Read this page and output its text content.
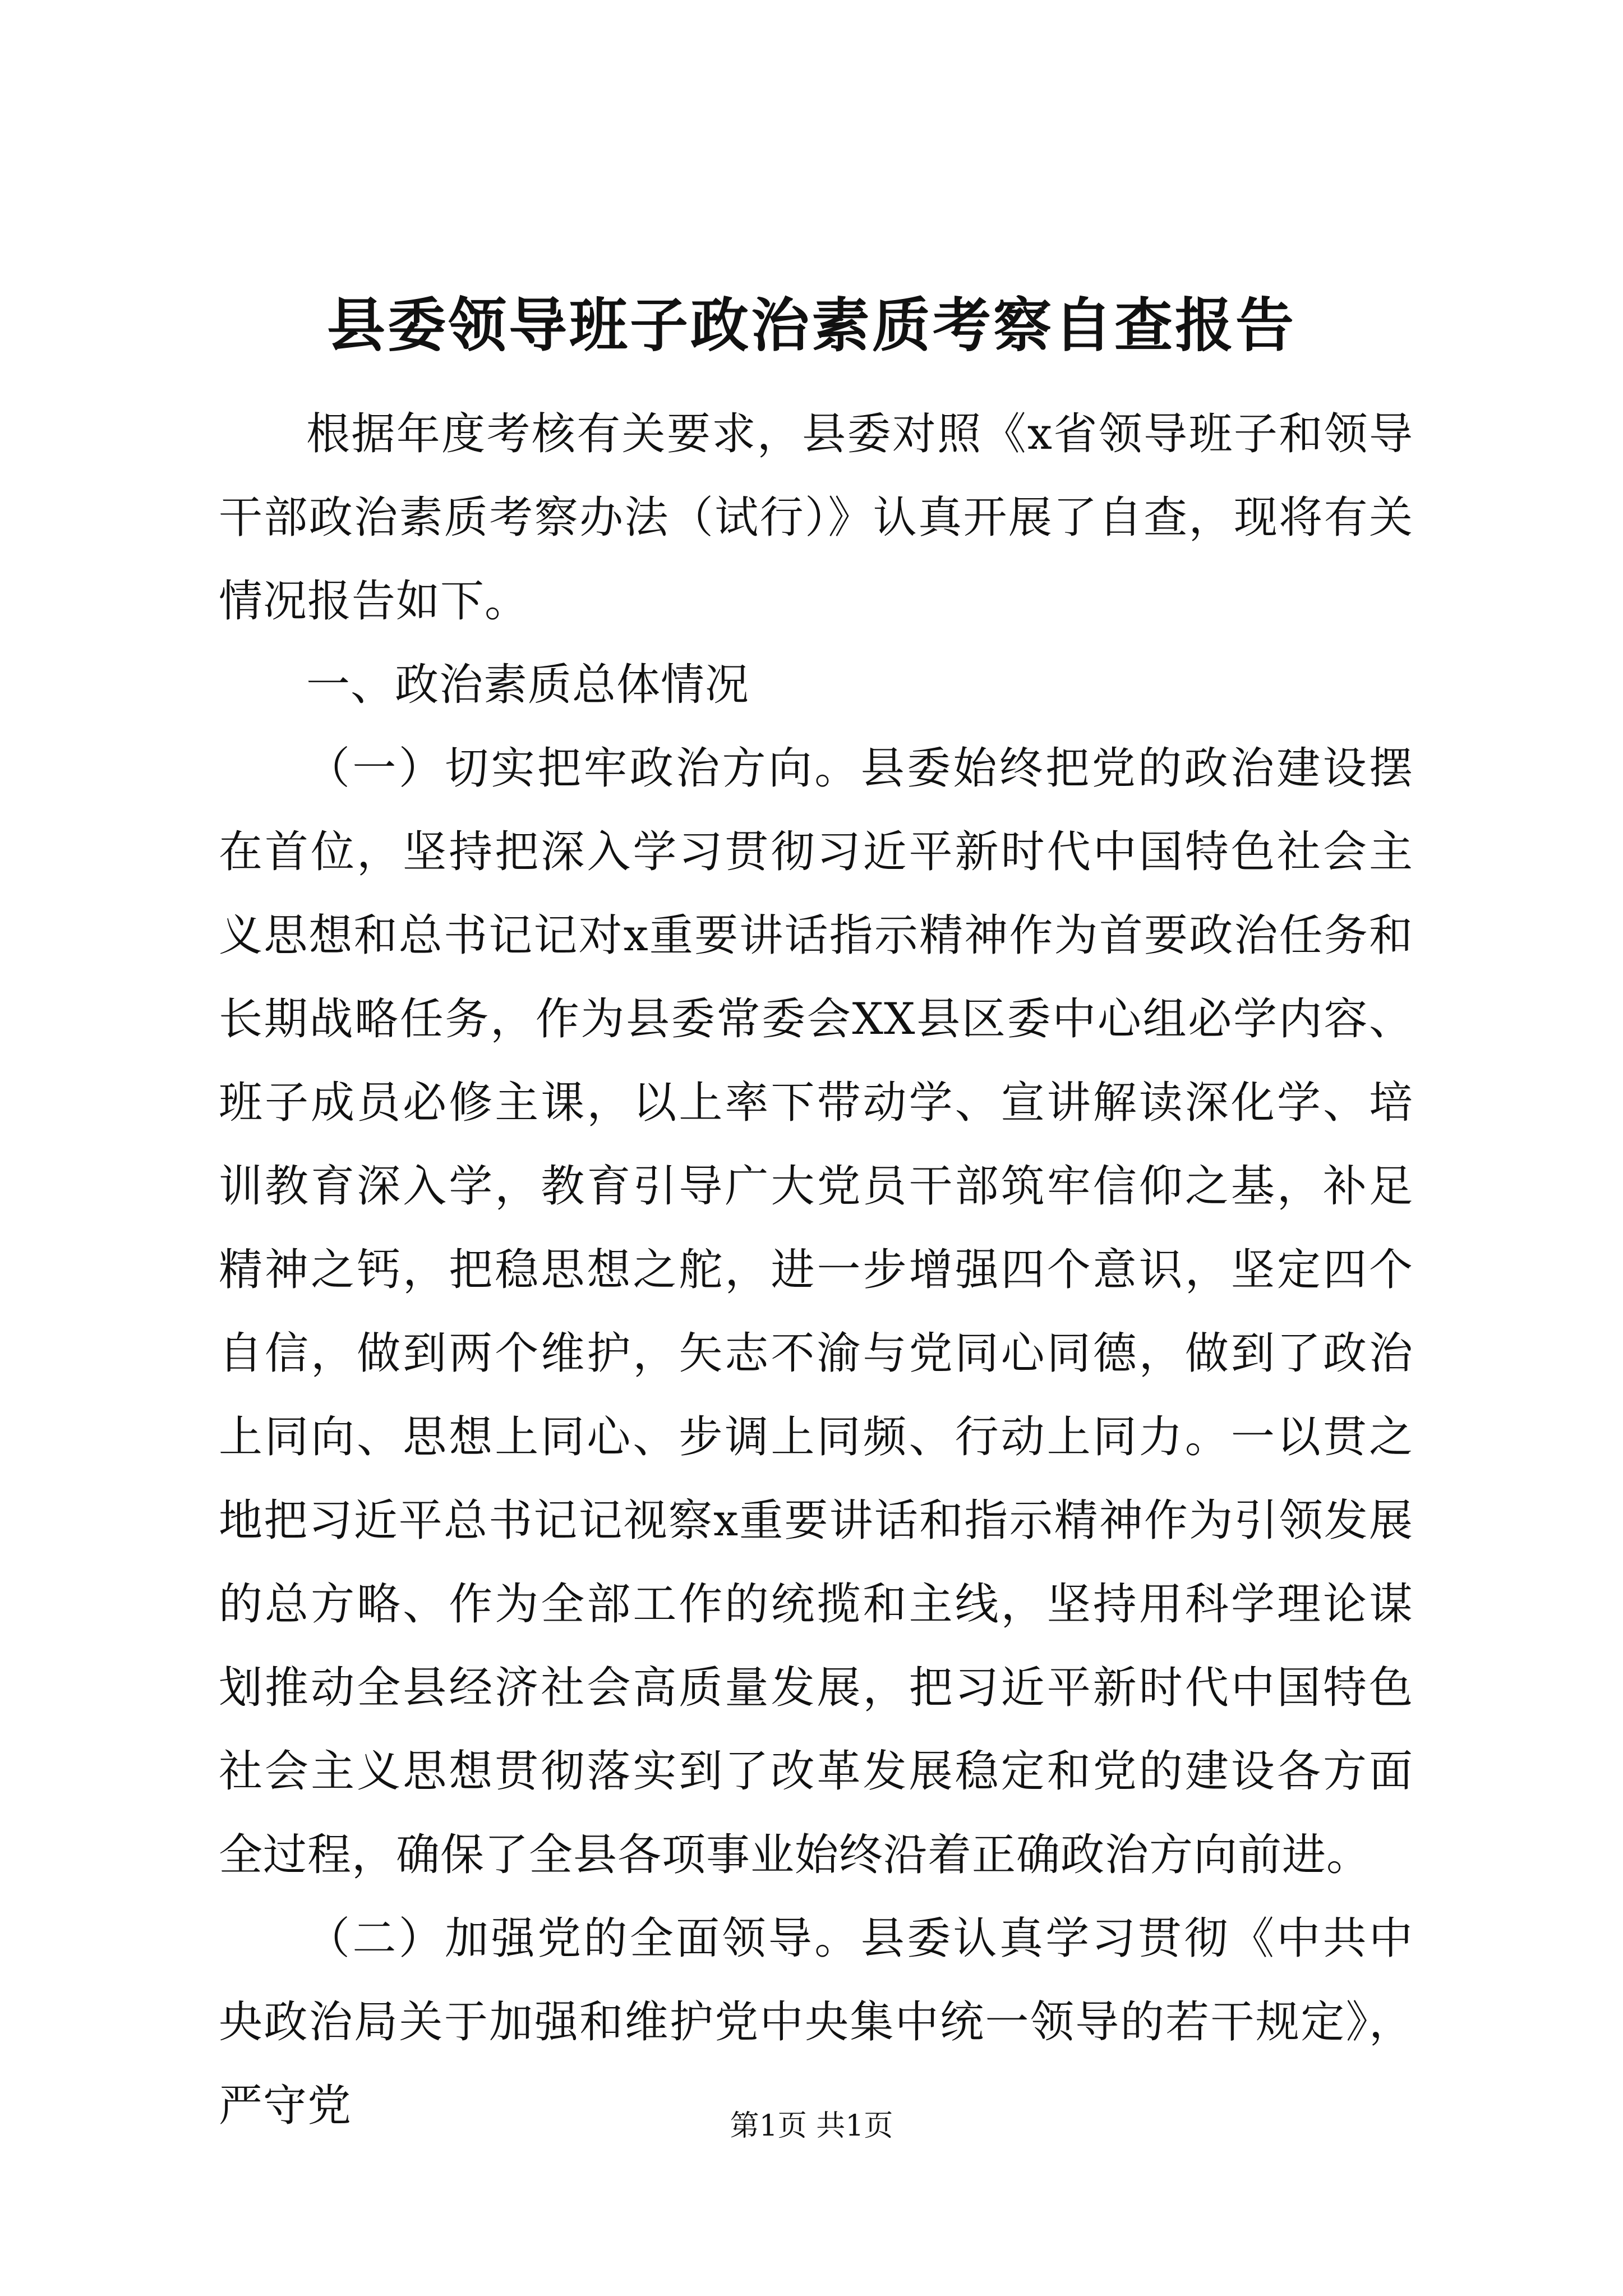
县委领导班子政治素质考察自查报告

根据年度考核有关要求，县委对照《x省领导班子和领导干部政治素质考察办法（试行）》认真开展了自查，现将有关情况报告如下。

一、政治素质总体情况

（一）切实把牢政治方向。县委始终把党的政治建设摆在首位，坚持把深入学习贯彻习近平新时代中国特色社会主义思想和总书记记对x重要讲话指示精神作为首要政治任务和长期战略任务，作为县委常委会XX县区委中心组必学内容、班子成员必修主课，以上率下带动学、宣讲解读深化学、培训教育深入学，教育引导广大党员干部筑牢信仰之基，补足精神之钙，把稳思想之舵，进一步增强四个意识，坚定四个自信，做到两个维护，矢志不渝与党同心同德，做到了政治上同向、思想上同心、步调上同频、行动上同力。一以贯之地把习近平总书记记视察x重要讲话和指示精神作为引领发展的总方略、作为全部工作的统揽和主线，坚持用科学理论谋划推动全县经济社会高质量发展，把习近平新时代中国特色社会主义思想贯彻落实到了改革发展稳定和党的建设各方面全过程，确保了全县各项事业始终沿着正确政治方向前进。

（二）加强党的全面领导。县委认真学习贯彻《中共中央政治局关于加强和维护党中央集中统一领导的若干规定》，严守党	第1页 共1页
